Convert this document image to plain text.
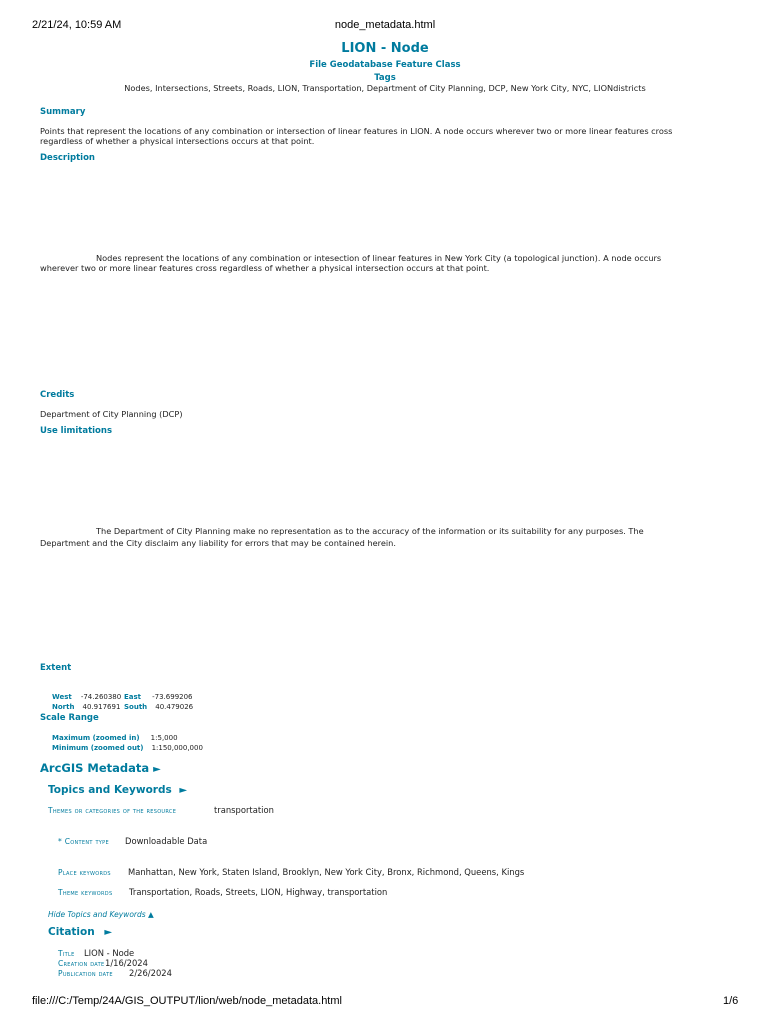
2/21/24, 10:59 AM	node_metadata.html
LION - Node
File Geodatabase Feature Class
Tags
Nodes, Intersections, Streets, Roads, LION, Transportation, Department of City Planning, DCP, New York City, NYC, LIONdistricts
Summary
Points that represent the locations of any combination or intersection of linear features in LION. A node occurs wherever two or more linear features cross
regardless of whether a physical intersections occurs at that point.
Description
Nodes represent the locations of any combination or intesection of linear features in New York City (a topological junction). A node occurs
wherever two or more linear features cross regardless of whether a physical intersection occurs at that point.
Credits
Department of City Planning (DCP)
Use limitations
The Department of City Planning make no representation as to the accuracy of the information or its suitability for any purposes. The
Department and the City disclaim any liability for errors that may be contained herein.
Extent
West -74.260380 East -73.699206
North 40.917691 South 40.479026
Scale Range
Maximum (zoomed in) 1:5,000
Minimum (zoomed out) 1:150,000,000
ArcGIS Metadata ►
Topics and Keywords ►
Themes or categories of the resource	transportation
* Content type Downloadable Data
Place keywords Manhattan, New York, Staten Island, Brooklyn, New York City, Bronx, Richmond, Queens, Kings
Theme keywords Transportation, Roads, Streets, LION, Highway, transportation
Hide Topics and Keywords ▲
Citation ►
Title LION - Node
Creation date 1/16/2024
Publication date 2/26/2024
file:///C:/Temp/24A/GIS_OUTPUT/lion/web/node_metadata.html	1/6
